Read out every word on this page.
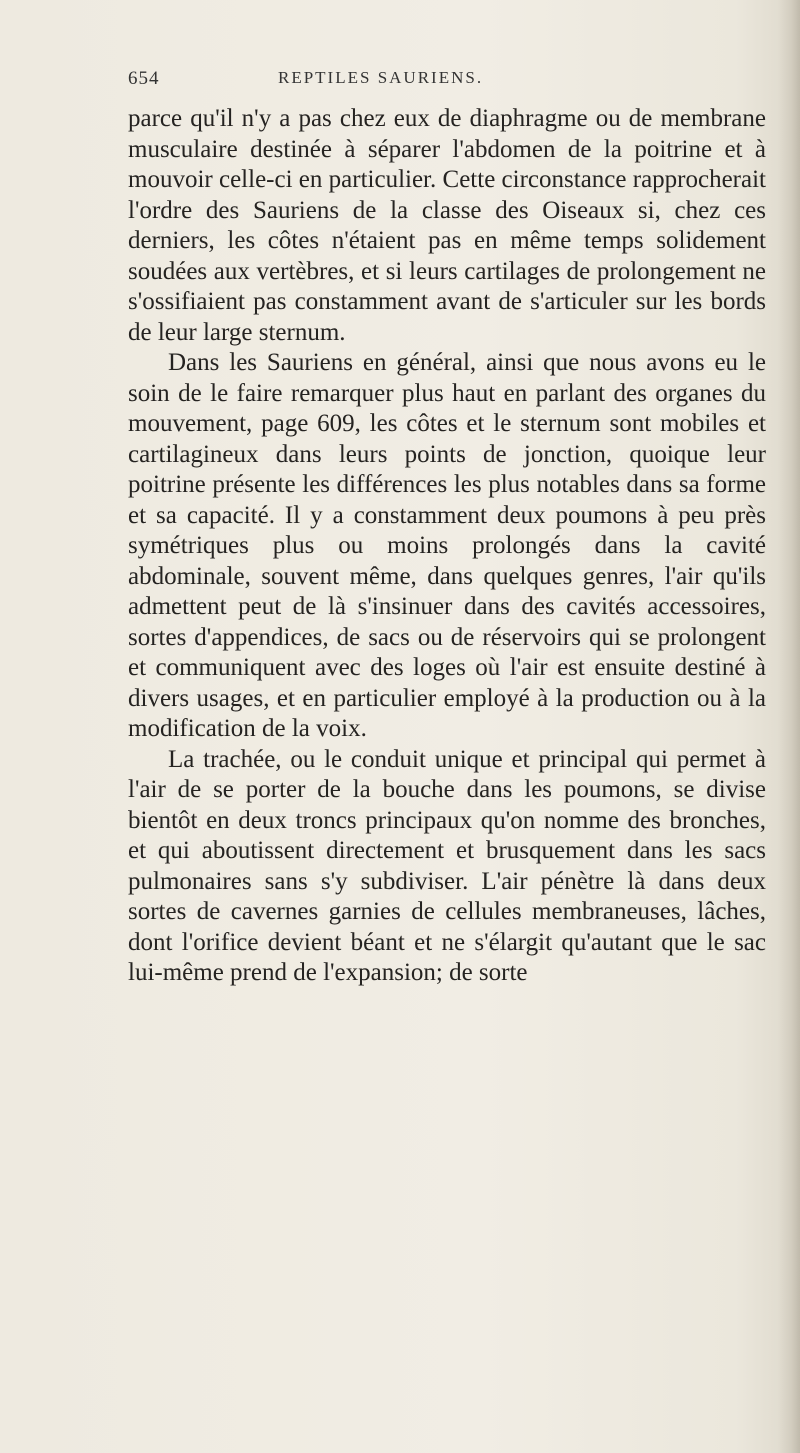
654	REPTILES SAURIENS.

parce qu'il n'y a pas chez eux de diaphragme ou de membrane musculaire destinée à séparer l'abdomen de la poitrine et à mouvoir celle-ci en particulier. Cette circonstance rapprocherait l'ordre des Sauriens de la classe des Oiseaux si, chez ces derniers, les côtes n'étaient pas en même temps solidement soudées aux vertèbres, et si leurs cartilages de prolongement ne s'ossifiaient pas constamment avant de s'articuler sur les bords de leur large sternum.

Dans les Sauriens en général, ainsi que nous avons eu le soin de le faire remarquer plus haut en parlant des organes du mouvement, page 609, les côtes et le sternum sont mobiles et cartilagineux dans leurs points de jonction, quoique leur poitrine présente les différences les plus notables dans sa forme et sa capacité. Il y a constamment deux poumons à peu près symétriques plus ou moins prolongés dans la cavité abdominale, souvent même, dans quelques genres, l'air qu'ils admettent peut de là s'insinuer dans des cavités accessoires, sortes d'appendices, de sacs ou de réservoirs qui se prolongent et communiquent avec des loges où l'air est ensuite destiné à divers usages, et en particulier employé à la production ou à la modification de la voix.

La trachée, ou le conduit unique et principal qui permet à l'air de se porter de la bouche dans les poumons, se divise bientôt en deux troncs principaux qu'on nomme des bronches, et qui aboutissent directement et brusquement dans les sacs pulmonaires sans s'y subdiviser. L'air pénètre là dans deux sortes de cavernes garnies de cellules membraneuses, lâches, dont l'orifice devient béant et ne s'élargit qu'autant que le sac lui-même prend de l'expansion; de sorte
